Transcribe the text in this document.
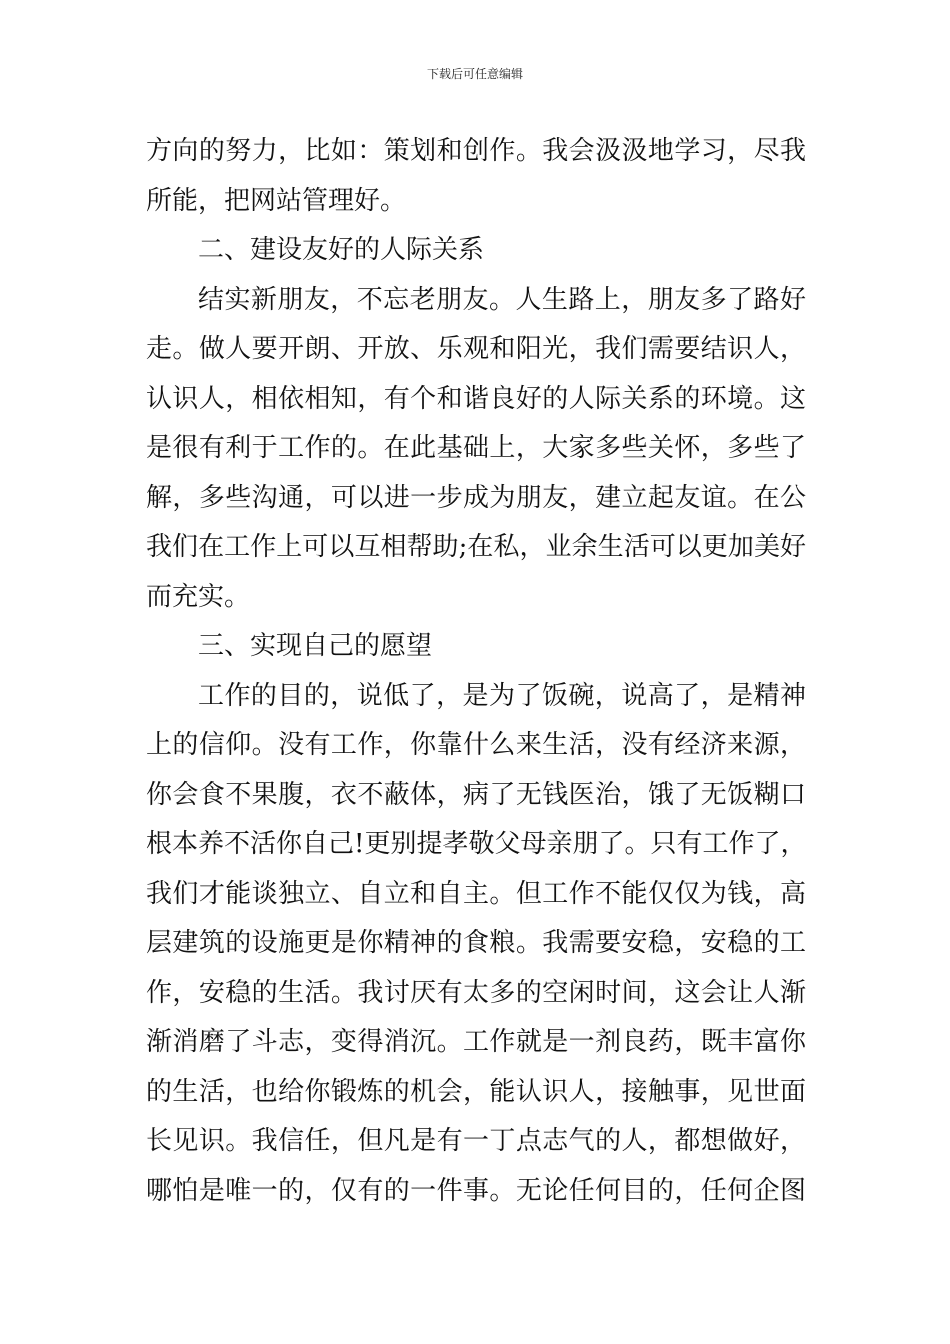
下载后可任意编辑
方向的努力，比如：策划和创作。我会汲汲地学习，尽我
所能，把网站管理好。
二、建设友好的人际关系
结实新朋友，不忘老朋友。人生路上，朋友多了路好
走。做人要开朗、开放、乐观和阳光，我们需要结识人，
认识人，相依相知，有个和谐良好的人际关系的环境。这
是很有利于工作的。在此基础上，大家多些关怀，多些了
解，多些沟通，可以进一步成为朋友，建立起友谊。在公
我们在工作上可以互相帮助;在私，业余生活可以更加美好
而充实。
三、实现自己的愿望
工作的目的，说低了，是为了饭碗，说高了，是精神
上的信仰。没有工作，你靠什么来生活，没有经济来源，
你会食不果腹，衣不蔽体，病了无钱医治，饿了无饭糊口
根本养不活你自己!更别提孝敬父母亲朋了。只有工作了，
我们才能谈独立、自立和自主。但工作不能仅仅为钱，高
层建筑的设施更是你精神的食粮。我需要安稳，安稳的工
作，安稳的生活。我讨厌有太多的空闲时间，这会让人渐
渐消磨了斗志，变得消沉。工作就是一剂良药，既丰富你
的生活，也给你锻炼的机会，能认识人，接触事，见世面
长见识。我信任，但凡是有一丁点志气的人，都想做好，
哪怕是唯一的，仅有的一件事。无论任何目的，任何企图
